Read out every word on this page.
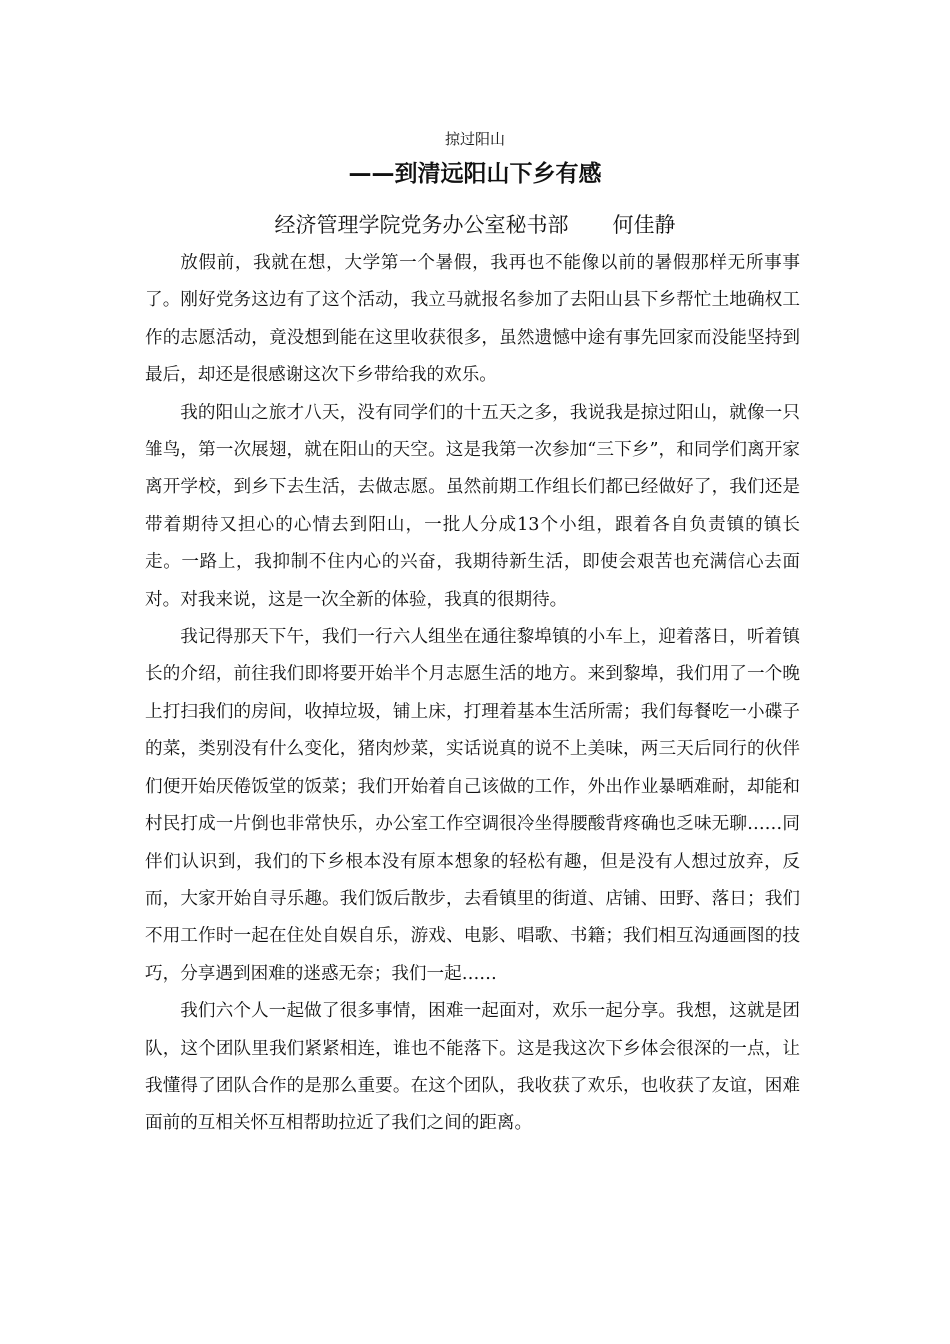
掠过阳山
——到清远阳山下乡有感
经济管理学院党务办公室秘书部 何佳静

放假前，我就在想，大学第一个暑假，我再也不能像以前的暑假那样无所事事了。刚好党务这边有了这个活动，我立马就报名参加了去阳山县下乡帮忙土地确权工作的志愿活动，竟没想到能在这里收获很多，虽然遗憾中途有事先回家而没能坚持到最后，却还是很感谢这次下乡带给我的欢乐。

我的阳山之旅才八天，没有同学们的十五天之多，我说我是掠过阳山，就像一只雏鸟，第一次展翅，就在阳山的天空。这是我第一次参加“三下乡”，和同学们离开家离开学校，到乡下去生活，去做志愿。虽然前期工作组长们都已经做好了，我们还是带着期待又担心的心情去到阳山，一批人分成13个小组，跟着各自负责镇的镇长走。一路上，我抑制不住内心的兴奋，我期待新生活，即使会艰苦也充满信心去面对。对我来说，这是一次全新的体验，我真的很期待。

我记得那天下午，我们一行六人组坐在通往黎埠镇的小车上，迎着落日，听着镇长的介绍，前往我们即将要开始半个月志愿生活的地方。来到黎埠，我们用了一个晚上打扫我们的房间，收掉垃圾，铺上床，打理着基本生活所需；我们每餐吃一小碟子的菜，类别没有什么变化，猪肉炒菜，实话说真的说不上美味，两三天后同行的伙伴们便开始厌倦饭堂的饭菜；我们开始着自己该做的工作，外出作业暴晒难耐，却能和村民打成一片倒也非常快乐，办公室工作空调很冷坐得腰酸背疼确也乏味无聊……同伴们认识到，我们的下乡根本没有原本想象的轻松有趣，但是没有人想过放弃，反而，大家开始自寻乐趣。我们饭后散步，去看镇里的街道、店铺、田野、落日；我们不用工作时一起在住处自娱自乐，游戏、电影、唱歌、书籍；我们相互沟通画图的技巧，分享遇到困难的迷惑无奈；我们一起……

我们六个人一起做了很多事情，困难一起面对，欢乐一起分享。我想，这就是团队，这个团队里我们紧紧相连，谁也不能落下。这是我这次下乡体会很深的一点，让我懂得了团队合作的是那么重要。在这个团队，我收获了欢乐，也收获了友谊，困难面前的互相关怀互相帮助拉近了我们之间的距离。
